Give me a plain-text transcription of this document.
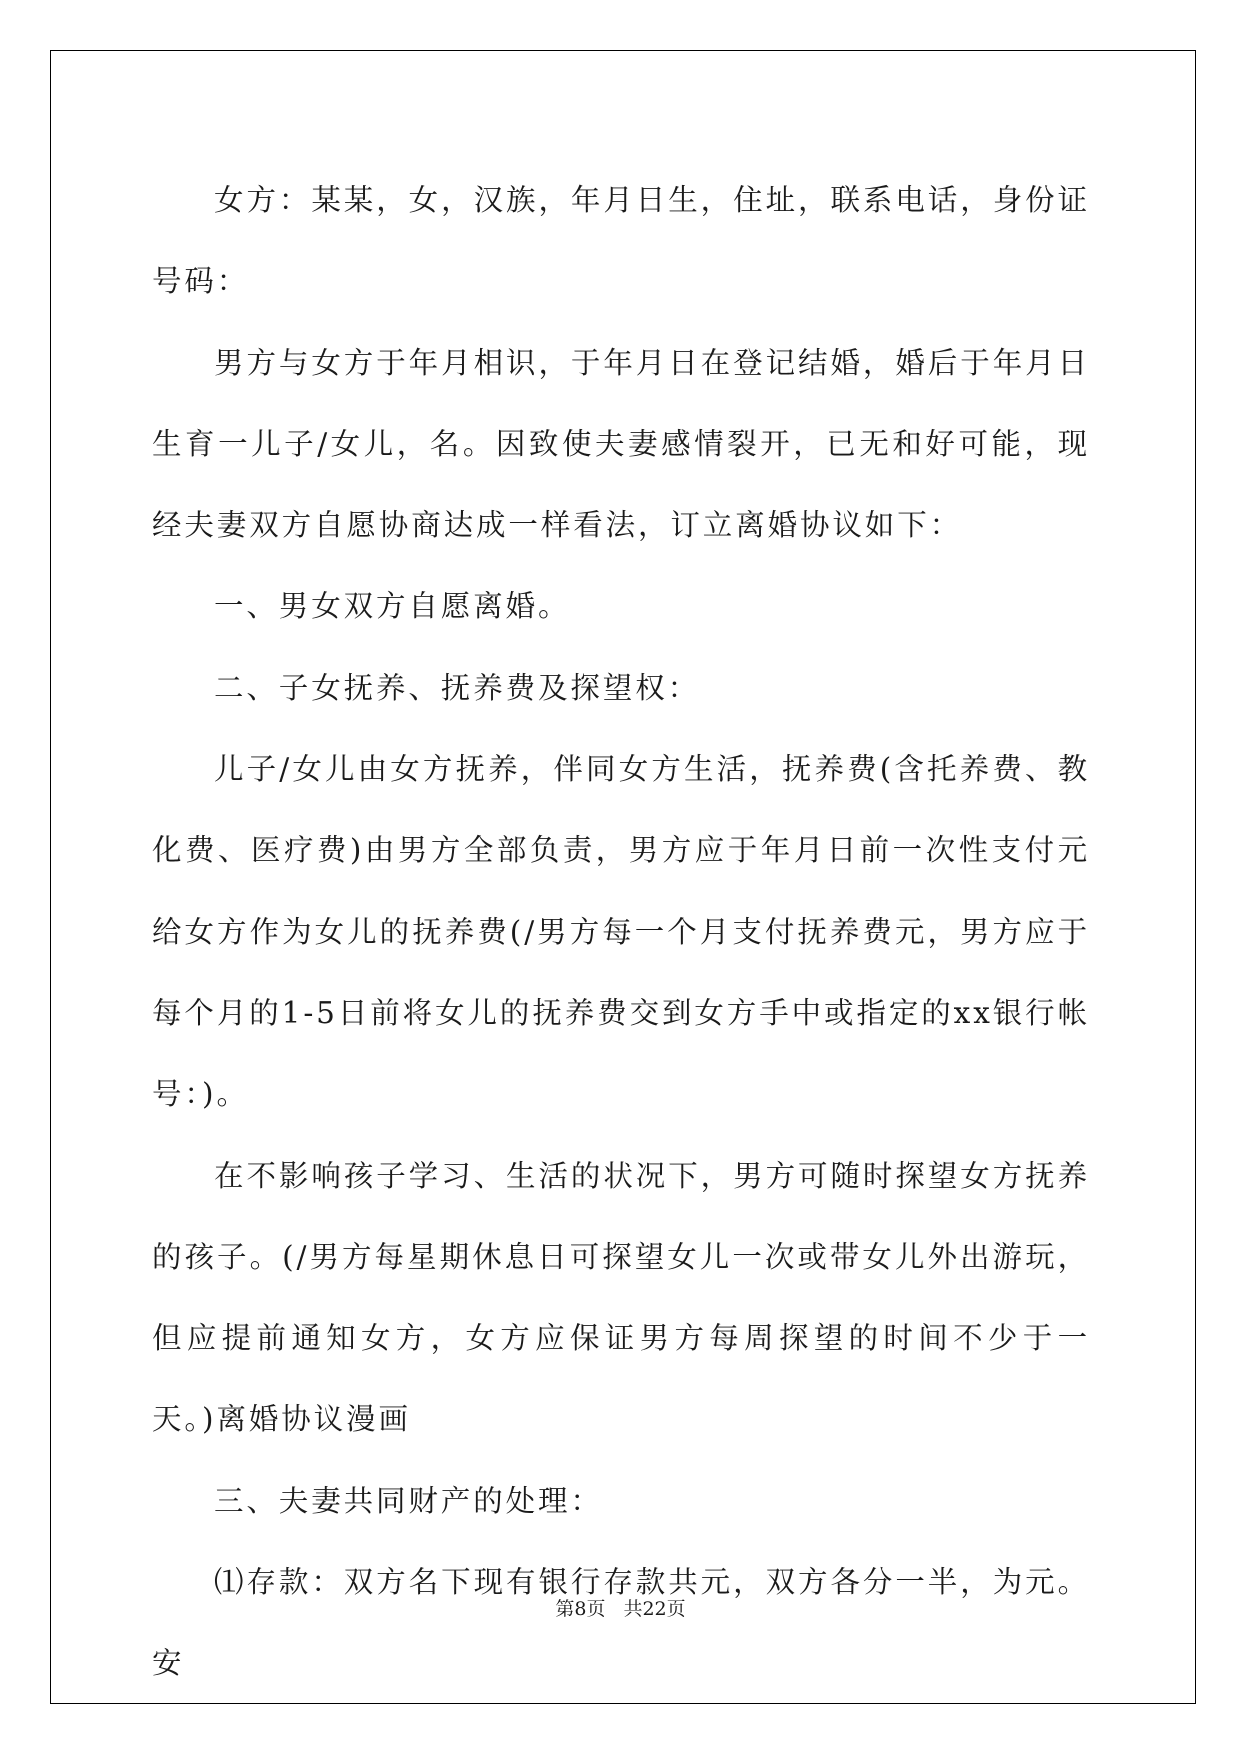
女方：某某，女，汉族，年月日生，住址，联系电话，身份证号码：

男方与女方于年月相识，于年月日在登记结婚，婚后于年月日生育一儿子/女儿，名。因致使夫妻感情裂开，已无和好可能，现经夫妻双方自愿协商达成一样看法，订立离婚协议如下：

一、男女双方自愿离婚。

二、子女抚养、抚养费及探望权：

儿子/女儿由女方抚养，伴同女方生活，抚养费(含托养费、教化费、医疗费)由男方全部负责，男方应于年月日前一次性支付元给女方作为女儿的抚养费(/男方每一个月支付抚养费元，男方应于每个月的1-5日前将女儿的抚养费交到女方手中或指定的xx银行帐号：)。

在不影响孩子学习、生活的状况下，男方可随时探望女方抚养的孩子。(/男方每星期休息日可探望女儿一次或带女儿外出游玩，但应提前通知女方，女方应保证男方每周探望的时间不少于一天。)离婚协议漫画

三、夫妻共同财产的处理：

⑴存款：双方名下现有银行存款共元，双方各分一半，为元。安

第8页 共22页
